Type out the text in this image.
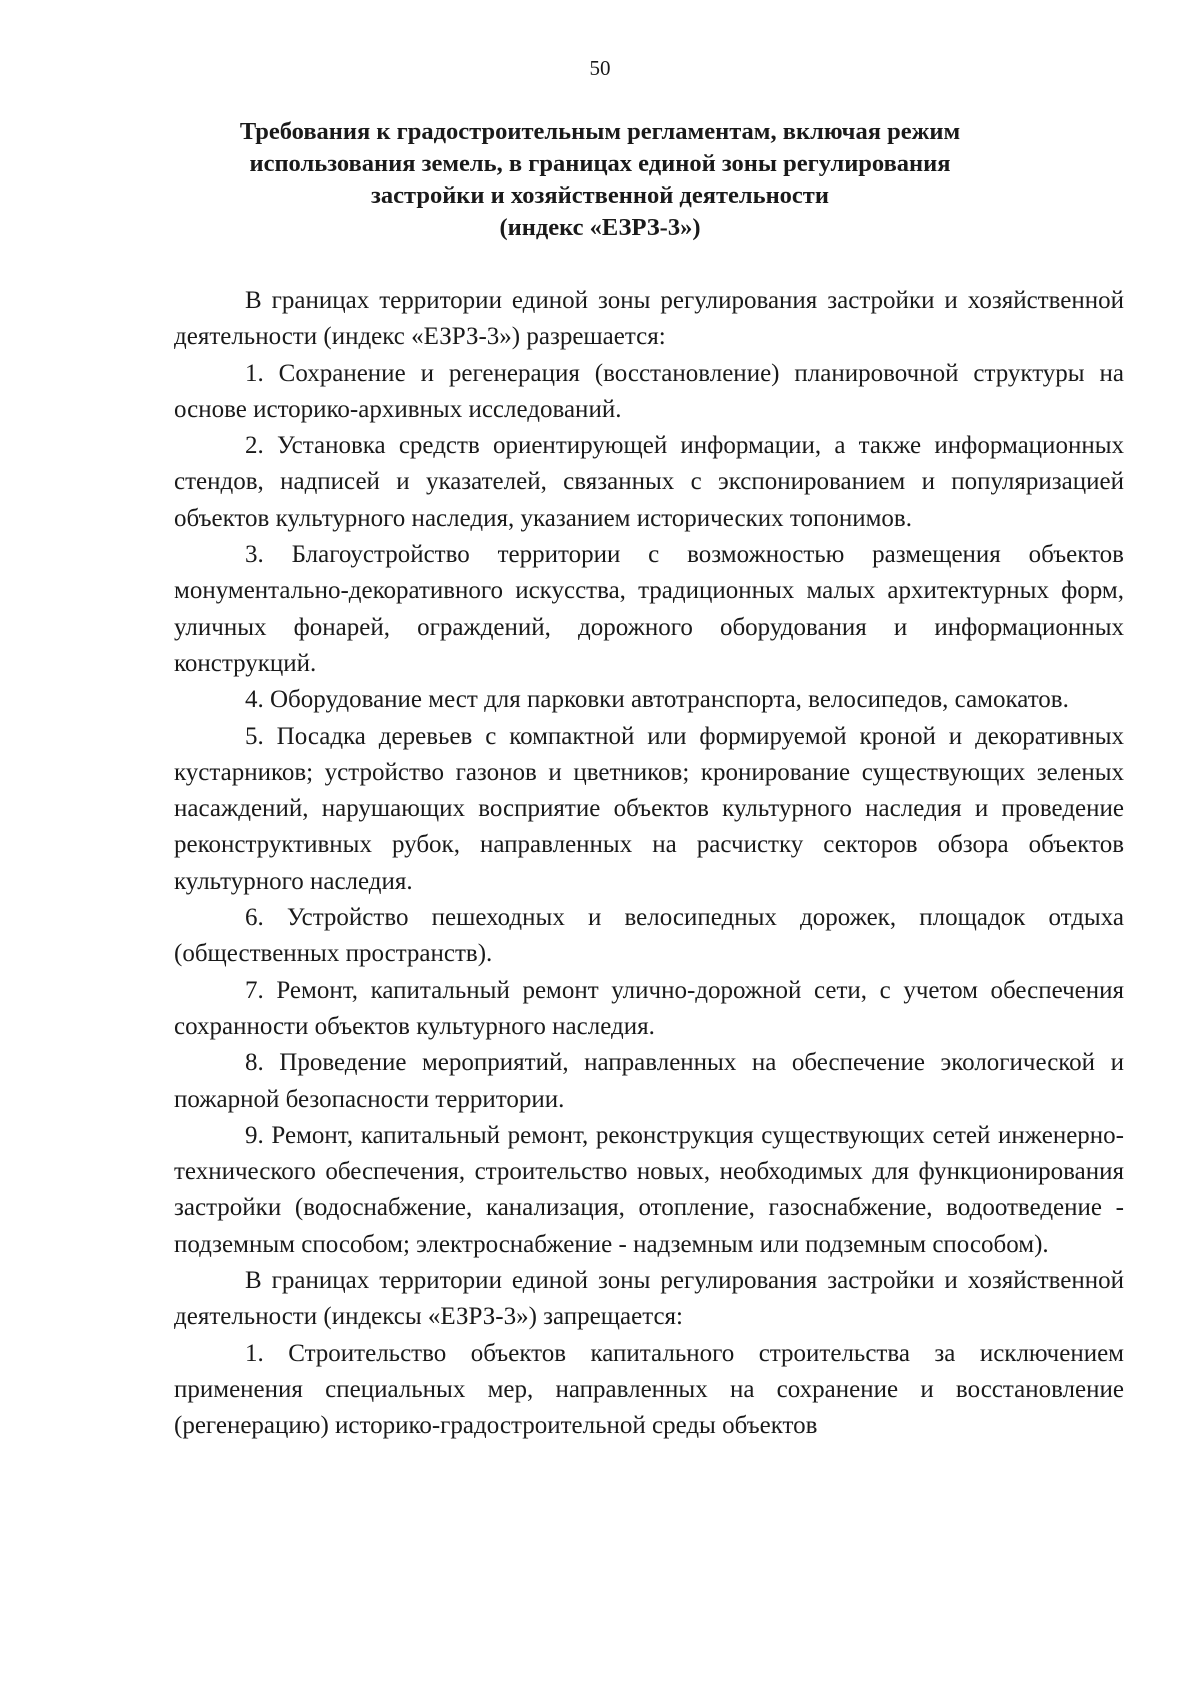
50
Требования к градостроительным регламентам, включая режим
использования земель, в границах единой зоны регулирования
застройки и хозяйственной деятельности
(индекс «ЕЗРЗ-3»)

В границах территории единой зоны регулирования застройки и хозяйственной деятельности (индекс «ЕЗРЗ-3») разрешается:

1. Сохранение и регенерация (восстановление) планировочной структуры на основе историко-архивных исследований.

2. Установка средств ориентирующей информации, а также информационных стендов, надписей и указателей, связанных с экспонированием и популяризацией объектов культурного наследия, указанием исторических топонимов.

3. Благоустройство территории с возможностью размещения объектов монументально-декоративного искусства, традиционных малых архитектурных форм, уличных фонарей, ограждений, дорожного оборудования и информационных конструкций.

4. Оборудование мест для парковки автотранспорта, велосипедов, самокатов.

5. Посадка деревьев с компактной или формируемой кроной и декоративных кустарников; устройство газонов и цветников; кронирование существующих зеленых насаждений, нарушающих восприятие объектов культурного наследия и проведение реконструктивных рубок, направленных на расчистку секторов обзора объектов культурного наследия.

6. Устройство пешеходных и велосипедных дорожек, площадок отдыха (общественных пространств).

7. Ремонт, капитальный ремонт улично-дорожной сети, с учетом обеспечения сохранности объектов культурного наследия.

8. Проведение мероприятий, направленных на обеспечение экологической и пожарной безопасности территории.

9. Ремонт, капитальный ремонт, реконструкция существующих сетей инженерно-технического обеспечения, строительство новых, необходимых для функционирования застройки (водоснабжение, канализация, отопление, газоснабжение, водоотведение - подземным способом; электроснабжение - надземным или подземным способом).

В границах территории единой зоны регулирования застройки и хозяйственной деятельности (индексы «ЕЗРЗ-3») запрещается:

1. Строительство объектов капитального строительства за исключением применения специальных мер, направленных на сохранение и восстановление (регенерацию) историко-градостроительной среды объектов
